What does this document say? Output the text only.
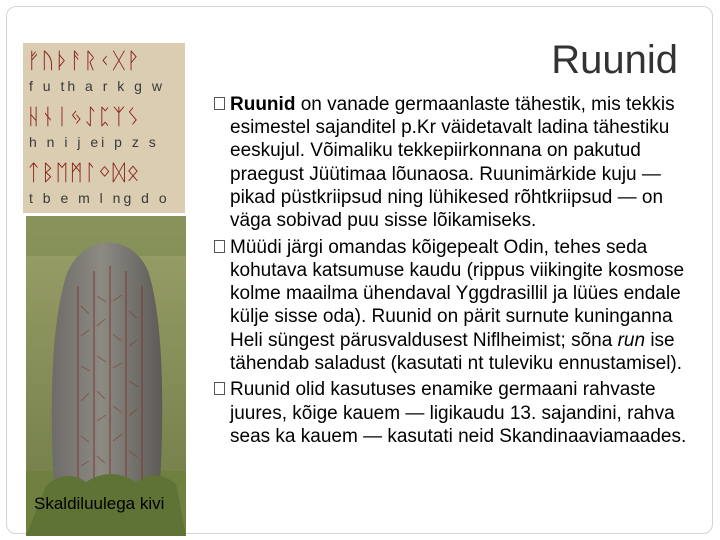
ᚠᚢᚦᚨᚱᚲᚷᚹ
f u th a r k g w
ᚺᚾᛁᛃᛇᛈᛉᛊ
h n i j ei p z s
ᛏᛒᛖᛗᛚᛜᛞᛟ
t b e m l ng d o
Skaldiluulega kivi
Ruunid
Ruunid on vanade germaanlaste tähestik, mis tekkis esimestel sajanditel p.Kr väidetavalt ladina tähestiku eeskujul. Võimaliku tekkepiirkonnana on pakutud praegust Jüütimaa lõunaosa. Ruunimärkide kuju — pikad püstkriipsud ning lühikesed rõhtkriipsud — on väga sobivad puu sisse lõikamiseks.
Müüdi järgi omandas kõigepealt Odin, tehes seda kohutava katsumuse kaudu (rippus viikingite kosmose kolme maailma ühendaval Yggdrasillil ja lüües endale külje sisse oda). Ruunid on pärit surnute kuninganna Heli süngest pärusvaldusest Niflheimist; sõna run ise tähendab saladust (kasutati nt tuleviku ennustamisel).
Ruunid olid kasutuses enamike germaani rahvaste juures, kõige kauem — ligikaudu 13. sajandini, rahva seas ka kauem — kasutati neid Skandinaaviamaades.
